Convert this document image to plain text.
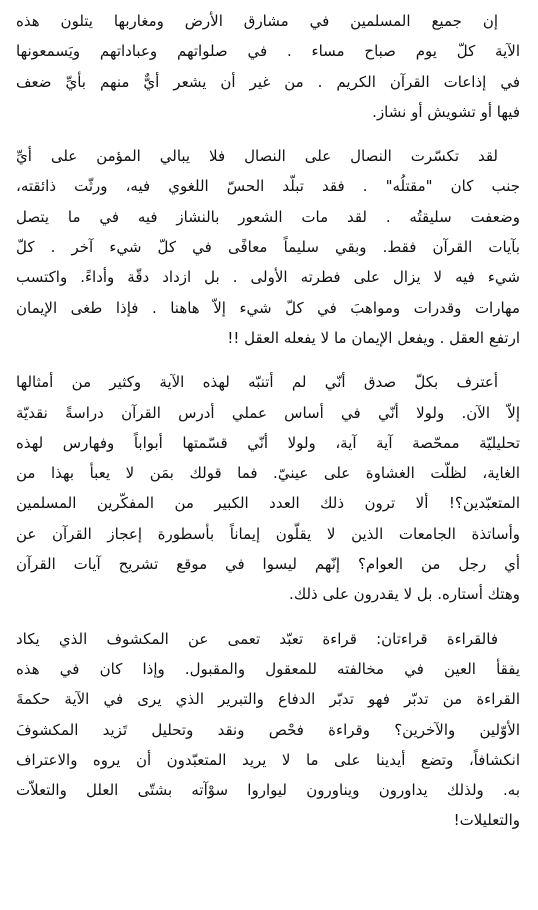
إن جميع المسلمين في مشارق الأرض ومغاربها يتلون هذه
الآية كلّ يوم صباح مساء . في صلواتهم وعباداتهم ويَسمعونها
في إذاعات القرآن الكريم . من غير أن يشعر أيٌّ منهم بأيِّ ضعف
فيها أو تشويش أو نشاز.

لقد تكسّرت النصال على النصال فلا يبالي المؤمن على أيِّ
جنب كان "مقتلُه" . فقد تبلّد الحسّ اللغوي فيه، ورثّت ذائقته،
وضعفت سليقتُه . لقد مات الشعور بالنشاز فيه في ما يتصل
بآيات القرآن فقط. وبقي سليماً معافًى في كلّ شيء آخر . كلّ
شيء فيه لا يزال على فطرته الأولى . بل ازداد دقّة وأداءً. واكتسب
مهارات وقدرات ومواهبَ في كلّ شيء إلاّ هاهنا . فإذا طغى الإيمان
ارتفع العقل . ويفعل الإيمان ما لا يفعله العقل !!

أعترف بكلّ صدق أنّي لم أتنبّه لهذه الآية وكثير من أمثالها
إلاّ الآن. ولولا أنّي في أساس عملي أدرس القرآن دراسةً نقديّة
تحليليّة ممحّصة آية آية، ولولا أنّي قسّمتها أبواباً وفهارس لهذه
الغاية، لظلّت الغشاوة على عينيّ. فما قولك بمَن لا يعبأ بهذا من
المتعبّدين؟! ألا ترون ذلك العدد الكبير من المفكّرين المسلمين
وأساتذة الجامعات الذين لا يقلّون إيماناً بأسطورة إعجاز القرآن عن
أي رجل من العوام؟ إنّهم ليسوا في موقع تشريح آيات القرآن
وهتك أستاره. بل لا يقدرون على ذلك.

فالقراءة قراءتان: قراءة تعبّد تعمى عن المكشوف الذي يكاد
يفقأ العين في مخالفته للمعقول والمقبول. وإذا كان في هذه
القراءة من تدبّر فهو تدبّر الدفاع والتبرير الذي يرى في الآية حكمةَ
الأوّلين والآخرين؟ وقراءة فحْص ونقد وتحليل تَزيد المكشوفَ
انكشافاً، وتضع أيدينا على ما لا يريد المتعبّدون أن يروه والاعتراف
به. ولذلك يداورون ويناورون ليواروا سوْآته بشتّى العلل والتعلاّت
والتعليلات!
